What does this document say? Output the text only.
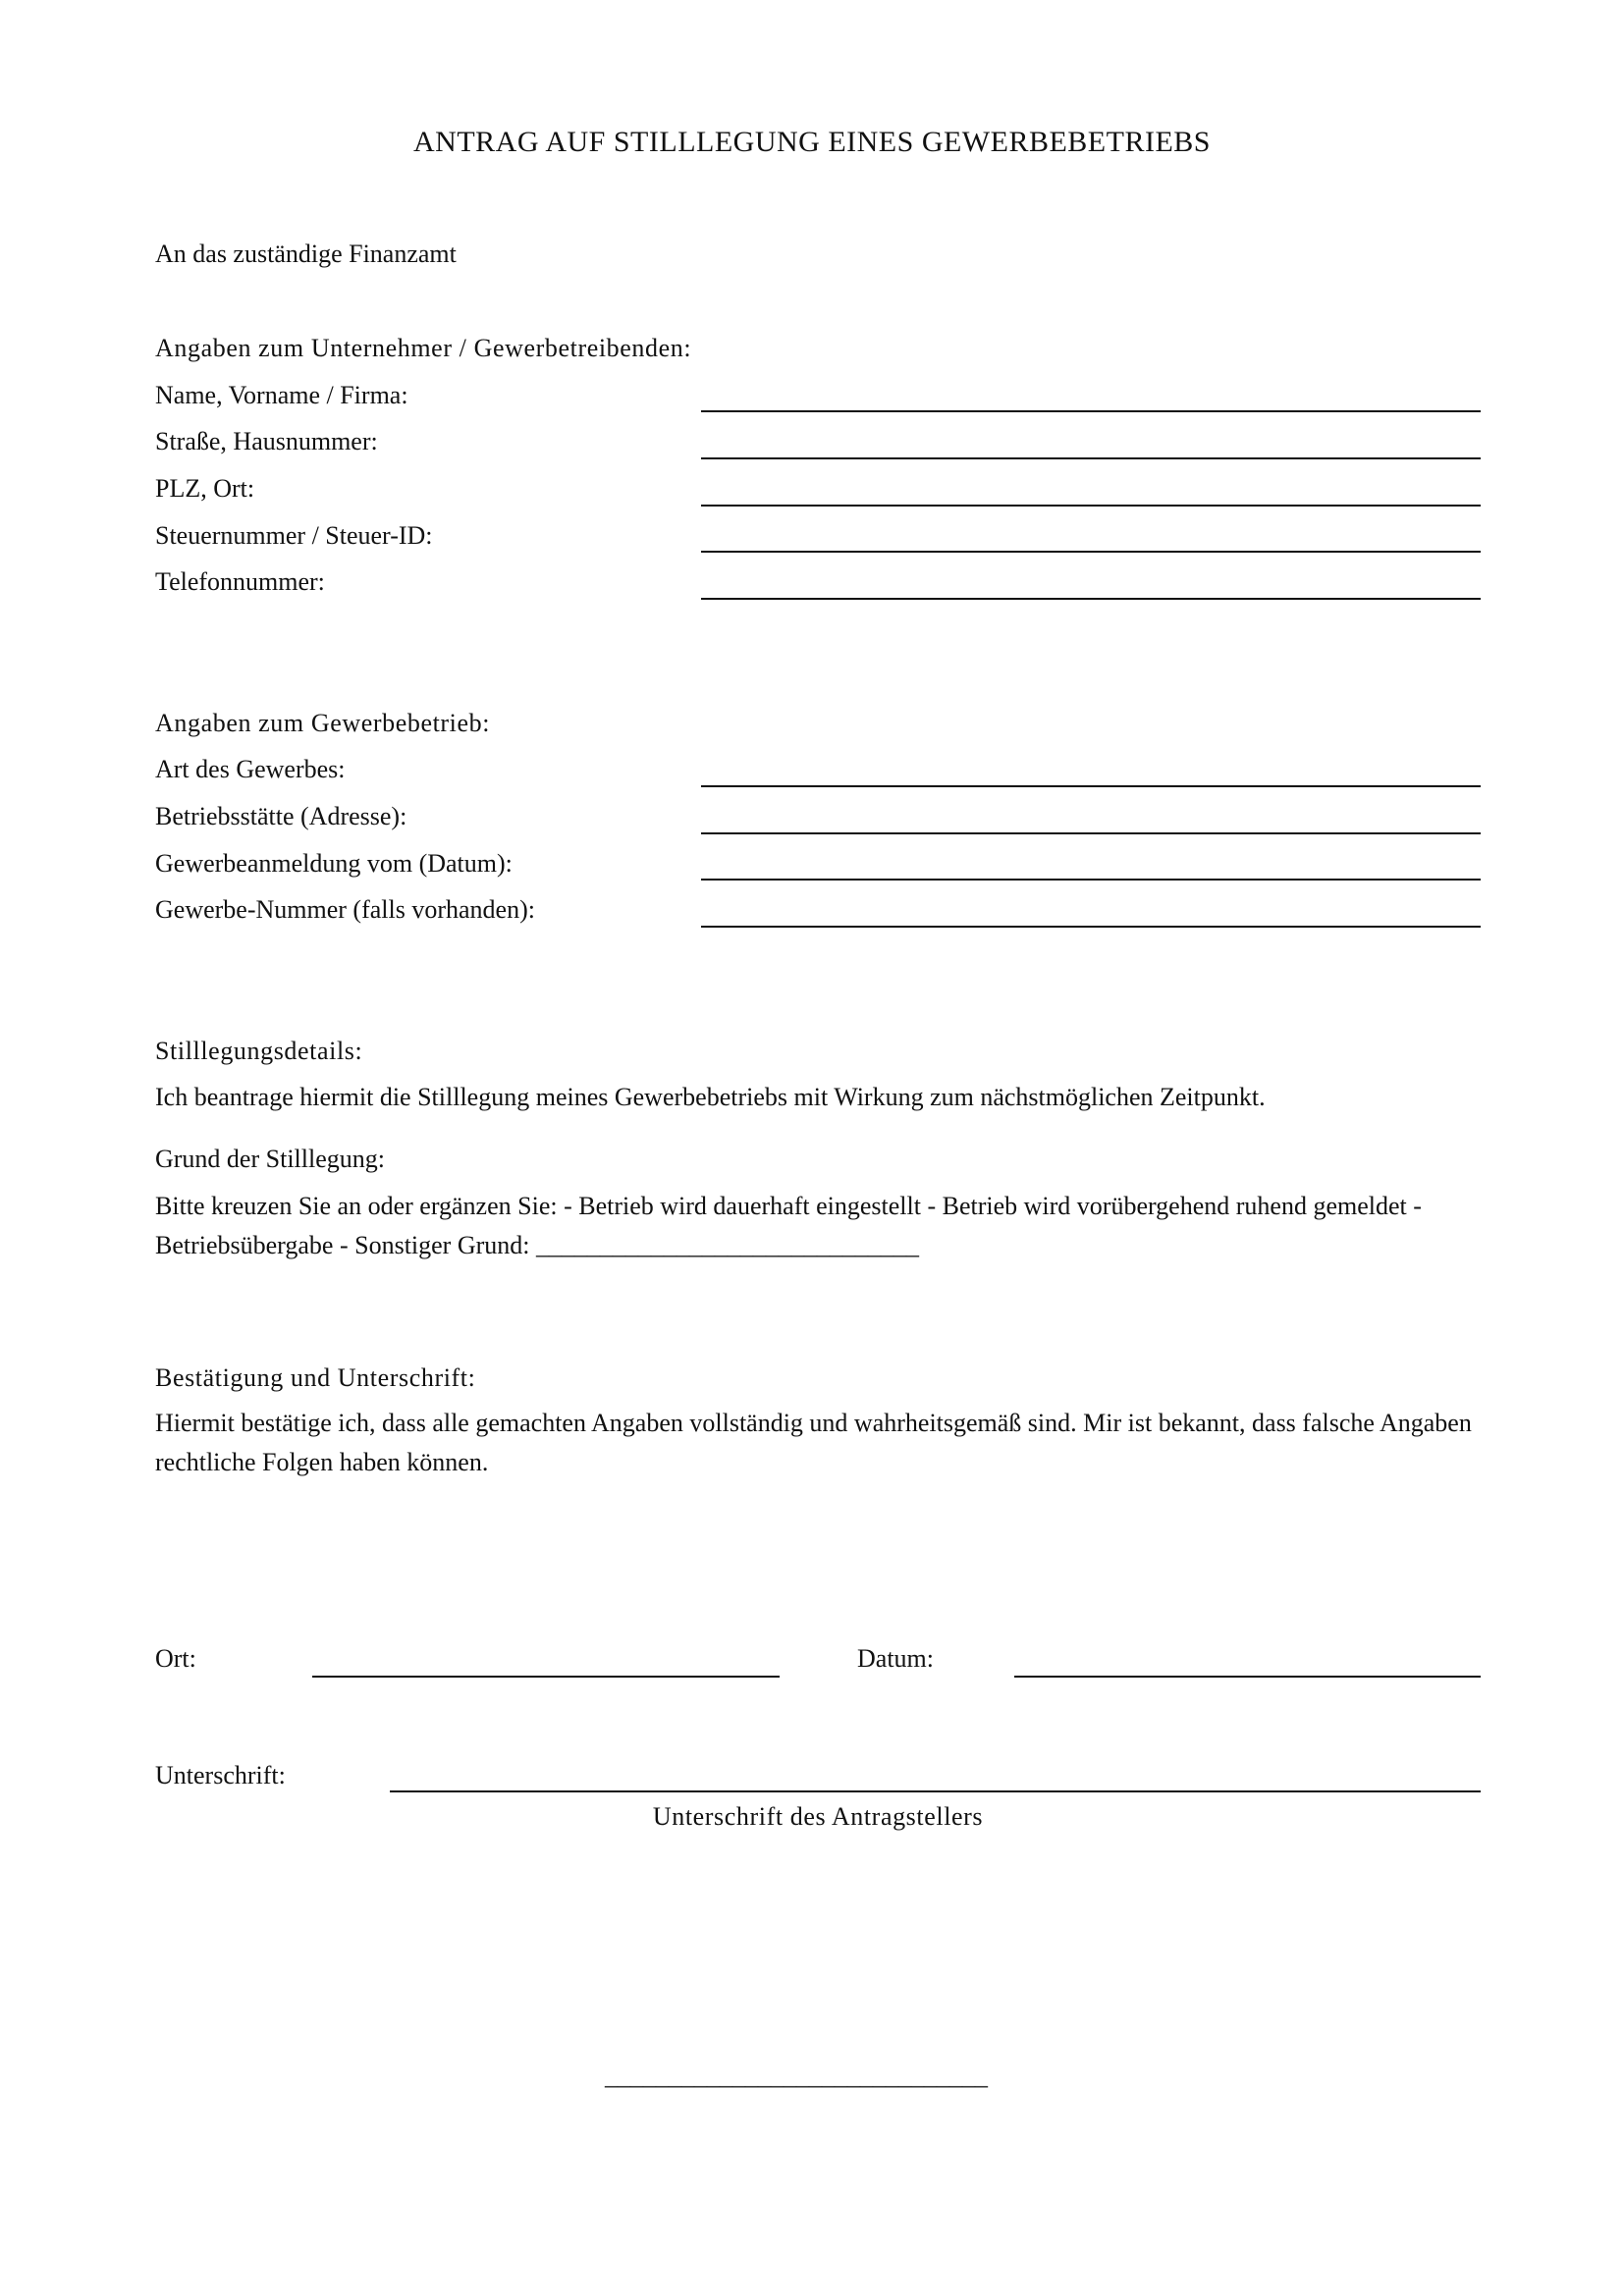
ANTRAG AUF STILLLEGUNG EINES GEWERBEBETRIEBS
An das zuständige Finanzamt
Angaben zum Unternehmer / Gewerbetreibenden:
Name, Vorname / Firma:
Straße, Hausnummer:
PLZ, Ort:
Steuernummer / Steuer-ID:
Telefonnummer:
Angaben zum Gewerbebetrieb:
Art des Gewerbes:
Betriebsstätte (Adresse):
Gewerbeanmeldung vom (Datum):
Gewerbe-Nummer (falls vorhanden):
Stilllegungsdetails:
Ich beantrage hiermit die Stilllegung meines Gewerbebetriebs mit Wirkung zum nächstmöglichen Zeitpunkt.
Grund der Stilllegung:
Bitte kreuzen Sie an oder ergänzen Sie: - Betrieb wird dauerhaft eingestellt - Betrieb wird vorübergehend ruhend gemeldet - Betriebsübergabe - Sonstiger Grund: ______________________________
Bestätigung und Unterschrift:
Hiermit bestätige ich, dass alle gemachten Angaben vollständig und wahrheitsgemäß sind. Mir ist bekannt, dass falsche Angaben rechtliche Folgen haben können.
Ort:	Datum:
Unterschrift:
Unterschrift des Antragstellers
______________________________
